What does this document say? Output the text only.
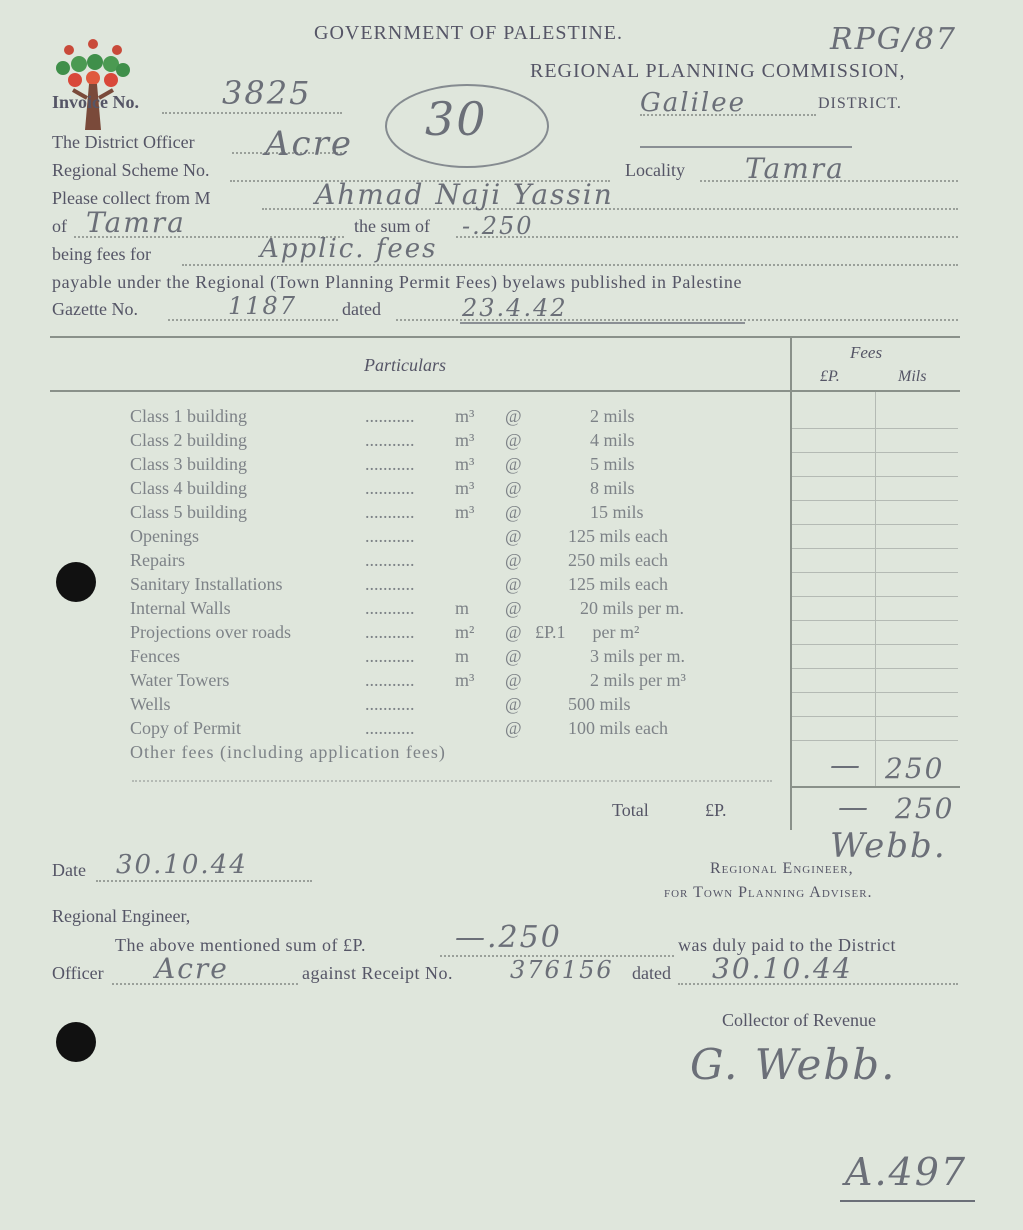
GOVERNMENT OF PALESTINE.	RPG/87
REGIONAL PLANNING COMMISSION,
Invoice No.	3825 30	Galilee	DISTRICT.
The District Officer Acre
Regional Scheme No.	Locality Tamra
Please collect from M	Ahmad Naji Yassin
of Tamra	the sum of -.250
being fees for	Applic. fees
payable under the Regional (Town Planning Permit Fees) byelaws published in Palestine
Gazette No.	1187 dated	23.4.42
Particulars
Fees
£P.	Mils
Class 1 building	........... m³ @	2 mils
Class 2 building	........... m³ @	4 mils
Class 3 building	........... m³ @	5 mils
Class 4 building	........... m³ @	8 mils
Class 5 building	........... m³ @	15 mils
Openings	...........	@	125 mils each
Repairs	...........	@	250 mils each
Sanitary Installations	...........	@	125 mils each
Internal Walls	........... m @	20 mils per m.
Projections over roads	........... m² @ £P.1      per m²
Fences	........... m @	3 mils per m.
Water Towers	........... m³ @	2 mils per m³
Wells	...........	@	500 mils
Copy of Permit	...........	@	100 mils each
Other fees (including application fees)	— 250
Total	£P.	— 250
Date 30.10.44	Webb.
Regional Engineer,
for Town Planning Adviser.
Regional Engineer,
The above mentioned sum of £P.	—.250	was duly paid to the District
Officer Acre	against Receipt No. 376156 dated 30.10.44
Collector of Revenue
G. Webb.
A.497
